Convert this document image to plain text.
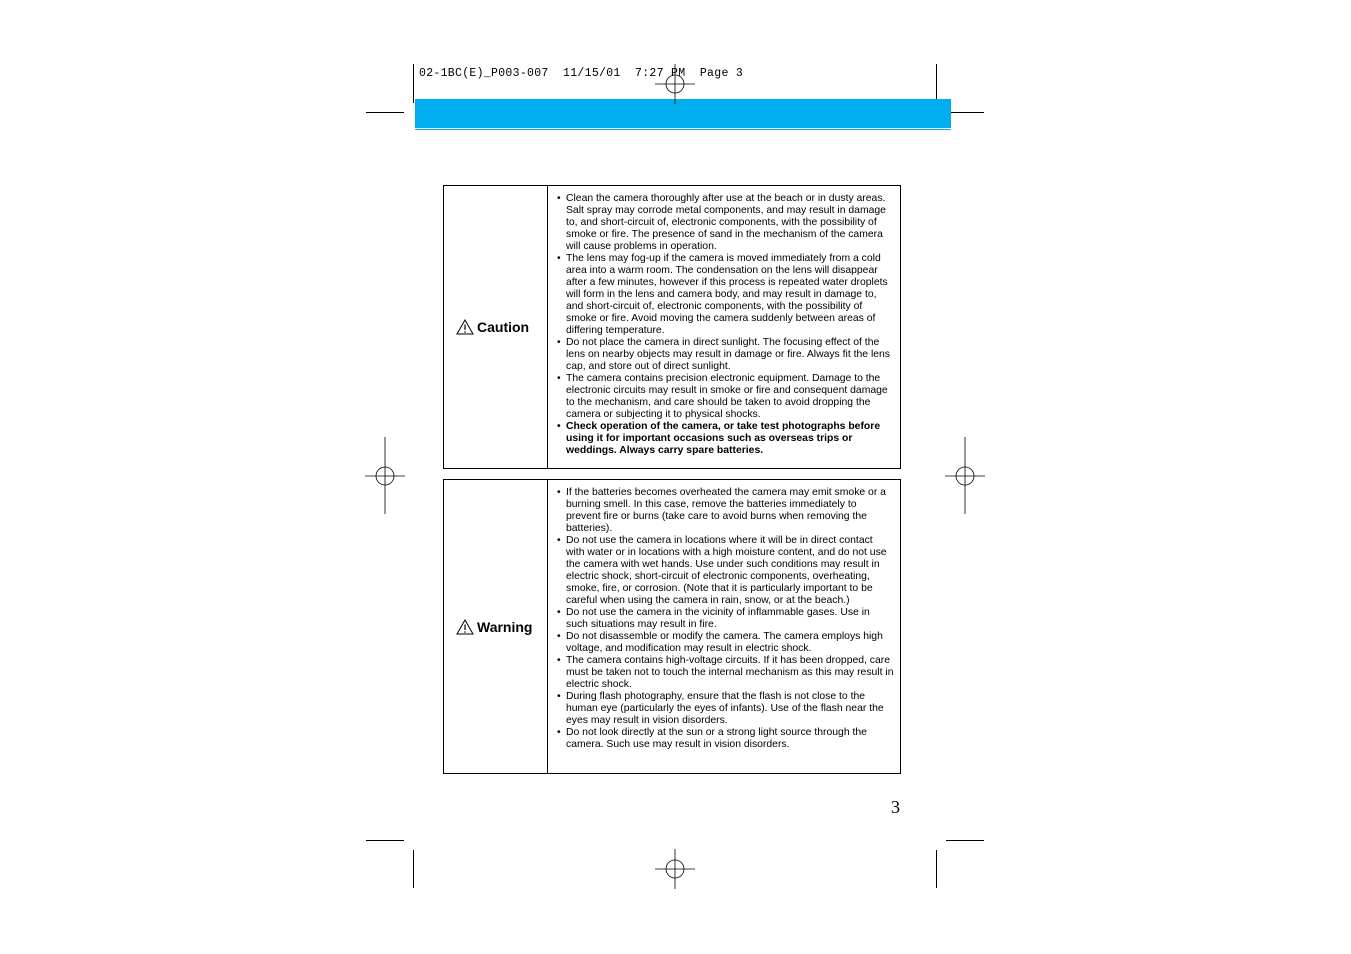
02-1BC(E)_P003-007  11/15/01  7:27 PM  Page 3
Caution
• Clean the camera thoroughly after use at the beach or in dusty areas. Salt spray may corrode metal components, and may result in damage to, and short-circuit of, electronic components, with the possibility of smoke or fire. The presence of sand in the mechanism of the camera will cause problems in operation.
• The lens may fog-up if the camera is moved immediately from a cold area into a warm room. The condensation on the lens will disappear after a few minutes, however if this process is repeated water droplets will form in the lens and camera body, and may result in damage to, and short-circuit of, electronic components, with the possibility of smoke or fire. Avoid moving the camera suddenly between areas of differing temperature.
• Do not place the camera in direct sunlight. The focusing effect of the lens on nearby objects may result in damage or fire. Always fit the lens cap, and store out of direct sunlight.
• The camera contains precision electronic equipment. Damage to the electronic circuits may result in smoke or fire and consequent damage to the mechanism, and care should be taken to avoid dropping the camera or subjecting it to physical shocks.
• Check operation of the camera, or take test photographs before using it for important occasions such as overseas trips or weddings. Always carry spare batteries.
Warning
• If the batteries becomes overheated the camera may emit smoke or a burning smell. In this case, remove the batteries immediately to prevent fire or burns (take care to avoid burns when removing the batteries).
• Do not use the camera in locations where it will be in direct contact with water or in locations with a high moisture content, and do not use the camera with wet hands. Use under such conditions may result in electric shock, short-circuit of electronic components, overheating, smoke, fire, or corrosion. (Note that it is particularly important to be careful when using the camera in rain, snow, or at the beach.)
• Do not use the camera in the vicinity of inflammable gases. Use in such situations may result in fire.
• Do not disassemble or modify the camera. The camera employs high voltage, and modification may result in electric shock.
• The camera contains high-voltage circuits. If it has been dropped, care must be taken not to touch the internal mechanism as this may result in electric shock.
• During flash photography, ensure that the flash is not close to the human eye (particularly the eyes of infants). Use of the flash near the eyes may result in vision disorders.
• Do not look directly at the sun or a strong light source through the camera. Such use may result in vision disorders.
3
